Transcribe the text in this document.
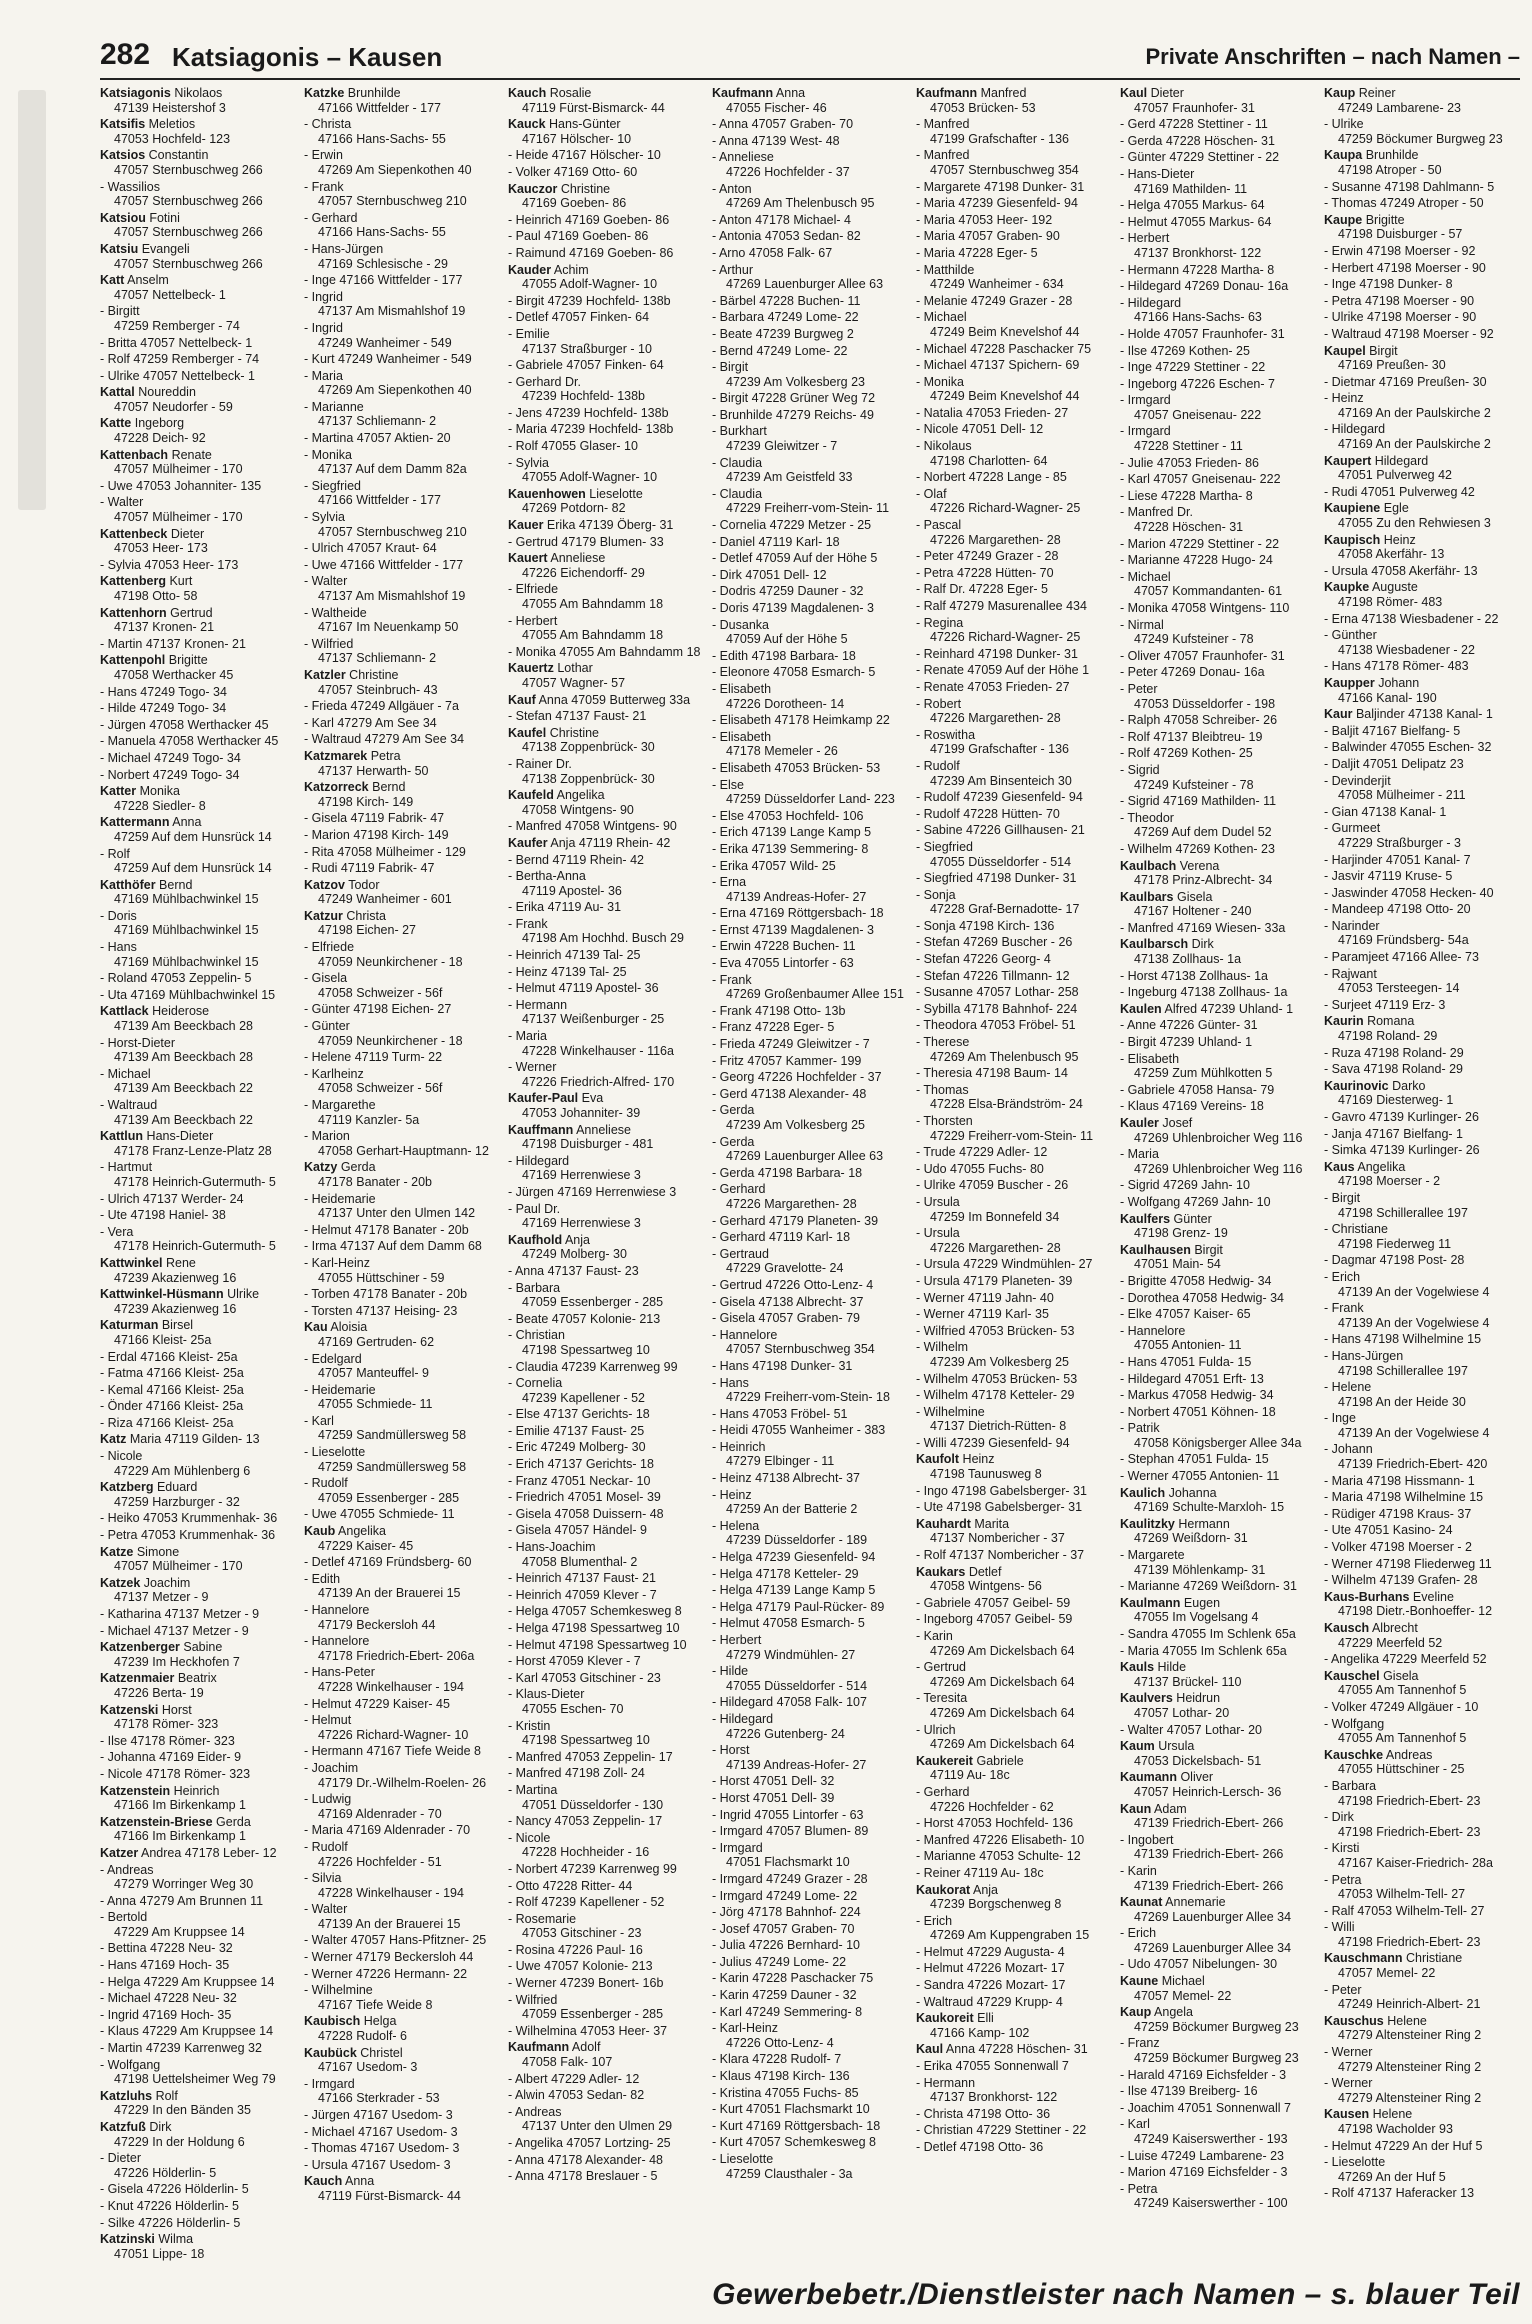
282 Katsiagonis – Kausen	Private Anschriften – nach Namen –
Katsiagonis Nikolaos
47139 Heistershof 3
Katsifis Meletios
47053 Hochfeld- 123
Katsios Constantin
47057 Sternbuschweg 266
- Wassilios
47057 Sternbuschweg 266
Katsiou Fotini
47057 Sternbuschweg 266
Katsiu Evangeli
47057 Sternbuschweg 266
Katt Anselm
47057 Nettelbeck- 1
- Birgitt
47259 Remberger - 74
- Britta 47057 Nettelbeck- 1
- Rolf 47259 Remberger - 74
- Ulrike 47057 Nettelbeck- 1
Kattal Noureddin
47057 Neudorfer - 59
Katte Ingeborg
47228 Deich- 92
Kattenbach Renate
47057 Mülheimer - 170
- Uwe 47053 Johanniter- 135
- Walter
47057 Mülheimer - 170
Kattenbeck Dieter
47053 Heer- 173
- Sylvia 47053 Heer- 173
Kattenberg Kurt
47198 Otto- 58
Kattenhorn Gertrud
47137 Kronen- 21
- Martin 47137 Kronen- 21
Kattenpohl Brigitte
47058 Werthacker 45
- Hans 47249 Togo- 34
- Hilde 47249 Togo- 34
- Jürgen 47058 Werthacker 45
- Manuela 47058 Werthacker 45
- Michael 47249 Togo- 34
- Norbert 47249 Togo- 34
Katter Monika
47228 Siedler- 8
Kattermann Anna
47259 Auf dem Hunsrück 14
- Rolf
47259 Auf dem Hunsrück 14
Katthöfer Bernd
47169 Mühlbachwinkel 15
- Doris
47169 Mühlbachwinkel 15
- Hans
47169 Mühlbachwinkel 15
- Roland 47053 Zeppelin- 5
- Uta 47169 Mühlbachwinkel 15
Kattlack Heiderose
47139 Am Beeckbach 28
- Horst-Dieter
47139 Am Beeckbach 28
- Michael
47139 Am Beeckbach 22
- Waltraud
47139 Am Beeckbach 22
Kattlun Hans-Dieter
47178 Franz-Lenze-Platz 28
- Hartmut
47178 Heinrich-Gutermuth- 5
- Ulrich 47137 Werder- 24
- Ute 47198 Haniel- 38
- Vera
47178 Heinrich-Gutermuth- 5
Kattwinkel Rene
47239 Akazienweg 16
Kattwinkel-Hüsmann Ulrike
47239 Akazienweg 16
Katurman Birsel
47166 Kleist- 25a
- Erdal 47166 Kleist- 25a
- Fatma 47166 Kleist- 25a
- Kemal 47166 Kleist- 25a
- Önder 47166 Kleist- 25a
- Riza 47166 Kleist- 25a
Katz Maria 47119 Gilden- 13
- Nicole
47229 Am Mühlenberg 6
Katzberg Eduard
47259 Harzburger - 32
- Heiko 47053 Krummenhak- 36
- Petra 47053 Krummenhak- 36
Katze Simone
47057 Mülheimer - 170
Katzek Joachim
47137 Metzer - 9
- Katharina 47137 Metzer - 9
- Michael 47137 Metzer - 9
Katzenberger Sabine
47239 Im Heckhofen 7
Katzenmaier Beatrix
47226 Berta- 19
Katzenski Horst
47178 Römer- 323
- Ilse 47178 Römer- 323
- Johanna 47169 Eider- 9
- Nicole 47178 Römer- 323
Katzenstein Heinrich
47166 Im Birkenkamp 1
Katzenstein-Briese Gerda
47166 Im Birkenkamp 1
Katzer Andrea 47178 Leber- 12
- Andreas
47279 Worringer Weg 30
- Anna 47279 Am Brunnen 11
- Bertold
47229 Am Kruppsee 14
- Bettina 47228 Neu- 32
- Hans 47169 Hoch- 35
- Helga 47229 Am Kruppsee 14
- Michael 47228 Neu- 32
- Ingrid 47169 Hoch- 35
- Klaus 47229 Am Kruppsee 14
- Martin 47239 Karrenweg 32
- Wolfgang
47198 Uettelsheimer Weg 79
Katzluhs Rolf
47229 In den Bänden 35
Katzfuß Dirk
47229 In der Holdung 6
- Dieter
47226 Hölderlin- 5
- Gisela 47226 Hölderlin- 5
- Knut 47226 Hölderlin- 5
- Silke 47226 Hölderlin- 5
Katzinski Wilma
47051 Lippe- 18
Katzke Brunhilde
47166 Wittfelder - 177
- Christa
47166 Hans-Sachs- 55
- Erwin
47269 Am Siepenkothen 40
- Frank
47057 Sternbuschweg 210
- Gerhard
47166 Hans-Sachs- 55
- Hans-Jürgen
47169 Schlesische - 29
- Inge 47166 Wittfelder - 177
- Ingrid
47137 Am Mismahlshof 19
- Ingrid
47249 Wanheimer - 549
- Kurt 47249 Wanheimer - 549
- Maria
47269 Am Siepenkothen 40
- Marianne
47137 Schliemann- 2
- Martina 47057 Aktien- 20
- Monika
47137 Auf dem Damm 82a
- Siegfried
47166 Wittfelder - 177
- Sylvia
47057 Sternbuschweg 210
- Ulrich 47057 Kraut- 64
- Uwe 47166 Wittfelder - 177
- Walter
47137 Am Mismahlshof 19
- Waltheide
47167 Im Neuenkamp 50
- Wilfried
47137 Schliemann- 2
Katzler Christine
47057 Steinbruch- 43
- Frieda 47249 Allgäuer - 7a
- Karl 47279 Am See 34
- Waltraud 47279 Am See 34
Katzmarek Petra
47137 Herwarth- 50
Katzorreck Bernd
47198 Kirch- 149
- Gisela 47119 Fabrik- 47
- Marion 47198 Kirch- 149
- Rita 47058 Mülheimer - 129
- Rudi 47119 Fabrik- 47
Katzov Todor
47249 Wanheimer - 601
Katzur Christa
47198 Eichen- 27
- Elfriede
47059 Neunkirchener - 18
- Gisela
47058 Schweizer - 56f
- Günter 47198 Eichen- 27
- Günter
47059 Neunkirchener - 18
- Helene 47119 Turm- 22
- Karlheinz
47058 Schweizer - 56f
- Margarethe
47119 Kanzler- 5a
- Marion
47058 Gerhart-Hauptmann- 12
Katzy Gerda
47178 Banater - 20b
- Heidemarie
47137 Unter den Ulmen 142
- Helmut 47178 Banater - 20b
- Irma 47137 Auf dem Damm 68
- Karl-Heinz
47055 Hüttschiner - 59
- Torben 47178 Banater - 20b
- Torsten 47137 Heising- 23
Kau Aloisia
47169 Gertruden- 62
- Edelgard
47057 Manteuffel- 9
- Heidemarie
47055 Schmiede- 11
- Karl
47259 Sandmüllersweg 58
- Lieselotte
47259 Sandmüllersweg 58
- Rudolf
47059 Essenberger - 285
- Uwe 47055 Schmiede- 11
Kaub Angelika
47229 Kaiser- 45
- Detlef 47169 Fründsberg- 60
- Edith
47139 An der Brauerei 15
- Hannelore
47179 Beckersloh 44
- Hannelore
47178 Friedrich-Ebert- 206a
- Hans-Peter
47228 Winkelhauser - 194
- Helmut 47229 Kaiser- 45
- Helmut
47226 Richard-Wagner- 10
- Hermann 47167 Tiefe Weide 8
- Joachim
47179 Dr.-Wilhelm-Roelen- 26
- Ludwig
47169 Aldenrader - 70
- Maria 47169 Aldenrader - 70
- Rudolf
47226 Hochfelder - 51
- Silvia
47228 Winkelhauser - 194
- Walter
47139 An der Brauerei 15
- Walter 47057 Hans-Pfitzner- 25
- Werner 47179 Beckersloh 44
- Werner 47226 Hermann- 22
- Wilhelmine
47167 Tiefe Weide 8
Kaubisch Helga
47228 Rudolf- 6
Kaubück Christel
47167 Usedom- 3
- Irmgard
47166 Sterkrader - 53
- Jürgen 47167 Usedom- 3
- Michael 47167 Usedom- 3
- Thomas 47167 Usedom- 3
- Ursula 47167 Usedom- 3
Kauch Anna
47119 Fürst-Bismarck- 44
Kauch Rosalie
47119 Fürst-Bismarck- 44
Kauck Hans-Günter
47167 Hölscher- 10
- Heide 47167 Hölscher- 10
- Volker 47169 Otto- 60
Kauczor Christine
47169 Goeben- 86
- Heinrich 47169 Goeben- 86
- Paul 47169 Goeben- 86
- Raimund 47169 Goeben- 86
Kauder Achim
47055 Adolf-Wagner- 10
- Birgit 47239 Hochfeld- 138b
- Detlef 47057 Finken- 64
- Emilie
47137 Straßburger - 10
- Gabriele 47057 Finken- 64
- Gerhard Dr.
47239 Hochfeld- 138b
- Jens 47239 Hochfeld- 138b
- Maria 47239 Hochfeld- 138b
- Rolf 47055 Glaser- 10
- Sylvia
47055 Adolf-Wagner- 10
Kauenhowen Lieselotte
47269 Potdorn- 82
Kauer Erika 47139 Öberg- 31
- Gertrud 47179 Blumen- 33
Kauert Anneliese
47226 Eichendorff- 29
- Elfriede
47055 Am Bahndamm 18
- Herbert
47055 Am Bahndamm 18
- Monika 47055 Am Bahndamm 18
Kauertz Lothar
47057 Wagner- 57
Kauf Anna 47059 Butterweg 33a
- Stefan 47137 Faust- 21
Kaufel Christine
47138 Zoppenbrück- 30
- Rainer Dr.
47138 Zoppenbrück- 30
Kaufeld Angelika
47058 Wintgens- 90
- Manfred 47058 Wintgens- 90
Kaufer Anja 47119 Rhein- 42
- Bernd 47119 Rhein- 42
- Bertha-Anna
47119 Apostel- 36
- Erika 47119 Au- 31
- Frank
47198 Am Hochhd. Busch 29
- Heinrich 47139 Tal- 25
- Heinz 47139 Tal- 25
- Helmut 47119 Apostel- 36
- Hermann
47137 Weißenburger - 25
- Maria
47228 Winkelhauser - 116a
- Werner
47226 Friedrich-Alfred- 170
Kaufer-Paul Eva
47053 Johanniter- 39
Kauffmann Anneliese
47198 Duisburger - 481
- Hildegard
47169 Herrenwiese 3
- Jürgen 47169 Herrenwiese 3
- Paul Dr.
47169 Herrenwiese 3
Kaufhold Anja
47249 Molberg- 30
- Anna 47137 Faust- 23
- Barbara
47059 Essenberger - 285
- Beate 47057 Kolonie- 213
- Christian
47198 Spessartweg 10
- Claudia 47239 Karrenweg 99
- Cornelia
47239 Kapellener - 52
- Else 47137 Gerichts- 18
- Emilie 47137 Faust- 25
- Eric 47249 Molberg- 30
- Erich 47137 Gerichts- 18
- Franz 47051 Neckar- 10
- Friedrich 47051 Mosel- 39
- Gisela 47058 Duissern- 48
- Gisela 47057 Händel- 9
- Hans-Joachim
47058 Blumenthal- 2
- Heinrich 47137 Faust- 21
- Heinrich 47059 Klever - 7
- Helga 47057 Schemkesweg 8
- Helga 47198 Spessartweg 10
- Helmut 47198 Spessartweg 10
- Horst 47059 Klever - 7
- Karl 47053 Gitschiner - 23
- Klaus-Dieter
47055 Eschen- 70
- Kristin
47198 Spessartweg 10
- Manfred 47053 Zeppelin- 17
- Manfred 47198 Zoll- 24
- Martina
47051 Düsseldorfer - 130
- Nancy 47053 Zeppelin- 17
- Nicole
47228 Hochheider - 16
- Norbert 47239 Karrenweg 99
- Otto 47228 Ritter- 44
- Rolf 47239 Kapellener - 52
- Rosemarie
47053 Gitschiner - 23
- Rosina 47226 Paul- 16
- Uwe 47057 Kolonie- 213
- Werner 47239 Bonert- 16b
- Wilfried
47059 Essenberger - 285
- Wilhelmina 47053 Heer- 37
Kaufmann Adolf
47058 Falk- 107
- Albert 47229 Adler- 12
- Alwin 47053 Sedan- 82
- Andreas
47137 Unter den Ulmen 29
- Angelika 47057 Lortzing- 25
- Anna 47178 Alexander- 48
- Anna 47178 Breslauer - 5
Kaufmann Anna
47055 Fischer- 46
- Anna 47057 Graben- 70
- Anna 47139 West- 48
- Anneliese
47226 Hochfelder - 37
- Anton
47269 Am Thelenbusch 95
- Anton 47178 Michael- 4
- Antonia 47053 Sedan- 82
- Arno 47058 Falk- 67
- Arthur
47269 Lauenburger Allee 63
- Bärbel 47228 Buchen- 11
- Barbara 47249 Lome- 22
- Beate 47239 Burgweg 2
- Bernd 47249 Lome- 22
- Birgit
47239 Am Volkesberg 23
- Birgit 47228 Grüner Weg 72
- Brunhilde 47279 Reichs- 49
- Burkhart
47239 Gleiwitzer - 7
- Claudia
47239 Am Geistfeld 33
- Claudia
47229 Freiherr-vom-Stein- 11
- Cornelia 47229 Metzer - 25
- Daniel 47119 Karl- 18
- Detlef 47059 Auf der Höhe 5
- Dirk 47051 Dell- 12
- Dodris 47259 Dauner - 32
- Doris 47139 Magdalenen- 3
- Dusanka
47059 Auf der Höhe 5
- Edith 47198 Barbara- 18
- Eleonore 47058 Esmarch- 5
- Elisabeth
47226 Dorotheen- 14
- Elisabeth 47178 Heimkamp 22
- Elisabeth
47178 Memeler - 26
- Elisabeth 47053 Brücken- 53
- Else
47259 Düsseldorfer Land- 223
- Else 47053 Hochfeld- 106
- Erich 47139 Lange Kamp 5
- Erika 47139 Semmering- 8
- Erika 47057 Wild- 25
- Erna
47139 Andreas-Hofer- 27
- Erna 47169 Röttgersbach- 18
- Ernst 47139 Magdalenen- 3
- Erwin 47228 Buchen- 11
- Eva 47055 Lintorfer - 63
- Frank
47269 Großenbaumer Allee 151
- Frank 47198 Otto- 13b
- Franz 47228 Eger- 5
- Frieda 47249 Gleiwitzer - 7
- Fritz 47057 Kammer- 199
- Georg 47226 Hochfelder - 37
- Gerd 47138 Alexander- 48
- Gerda
47239 Am Volkesberg 25
- Gerda
47269 Lauenburger Allee 63
- Gerda 47198 Barbara- 18
- Gerhard
47226 Margarethen- 28
- Gerhard 47179 Planeten- 39
- Gerhard 47119 Karl- 18
- Gertraud
47229 Gravelotte- 24
- Gertrud 47226 Otto-Lenz- 4
- Gisela 47138 Albrecht- 37
- Gisela 47057 Graben- 79
- Hannelore
47057 Sternbuschweg 354
- Hans 47198 Dunker- 31
- Hans
47229 Freiherr-vom-Stein- 18
- Hans 47053 Fröbel- 51
- Heidi 47055 Wanheimer - 383
- Heinrich
47279 Elbinger - 11
- Heinz 47138 Albrecht- 37
- Heinz
47259 An der Batterie 2
- Helena
47239 Düsseldorfer - 189
- Helga 47239 Giesenfeld- 94
- Helga 47178 Ketteler- 29
- Helga 47139 Lange Kamp 5
- Helga 47179 Paul-Rücker- 89
- Helmut 47058 Esmarch- 5
- Herbert
47279 Windmühlen- 27
- Hilde
47055 Düsseldorfer - 514
- Hildegard 47058 Falk- 107
- Hildegard
47226 Gutenberg- 24
- Horst
47139 Andreas-Hofer- 27
- Horst 47051 Dell- 32
- Horst 47051 Dell- 39
- Ingrid 47055 Lintorfer - 63
- Irmgard 47057 Blumen- 89
- Irmgard
47051 Flachsmarkt 10
- Irmgard 47249 Grazer - 28
- Irmgard 47249 Lome- 22
- Jörg 47178 Bahnhof- 224
- Josef 47057 Graben- 70
- Julia 47226 Bernhard- 10
- Julius 47249 Lome- 22
- Karin 47228 Paschacker 75
- Karin 47259 Dauner - 32
- Karl 47249 Semmering- 8
- Karl-Heinz
47226 Otto-Lenz- 4
- Klara 47228 Rudolf- 7
- Klaus 47198 Kirch- 136
- Kristina 47055 Fuchs- 85
- Kurt 47051 Flachsmarkt 10
- Kurt 47169 Röttgersbach- 18
- Kurt 47057 Schemkesweg 8
- Lieselotte
47259 Clausthaler - 3a
Kaufmann Manfred
47053 Brücken- 53
- Manfred
47199 Grafschafter - 136
- Manfred
47057 Sternbuschweg 354
- Margarete 47198 Dunker- 31
- Maria 47239 Giesenfeld- 94
- Maria 47053 Heer- 192
- Maria 47057 Graben- 90
- Maria 47228 Eger- 5
- Matthilde
47249 Wanheimer - 634
- Melanie 47249 Grazer - 28
- Michael
47249 Beim Knevelshof 44
- Michael 47228 Paschacker 75
- Michael 47137 Spichern- 69
- Monika
47249 Beim Knevelshof 44
- Natalia 47053 Frieden- 27
- Nicole 47051 Dell- 12
- Nikolaus
47198 Charlotten- 64
- Norbert 47228 Lange - 85
- Olaf
47226 Richard-Wagner- 25
- Pascal
47226 Margarethen- 28
- Peter 47249 Grazer - 28
- Petra 47228 Hütten- 70
- Ralf Dr. 47228 Eger- 5
- Ralf 47279 Masurenallee 434
- Regina
47226 Richard-Wagner- 25
- Reinhard 47198 Dunker- 31
- Renate 47059 Auf der Höhe 1
- Renate 47053 Frieden- 27
- Robert
47226 Margarethen- 28
- Roswitha
47199 Grafschafter - 136
- Rudolf
47239 Am Binsenteich 30
- Rudolf 47239 Giesenfeld- 94
- Rudolf 47228 Hütten- 70
- Sabine 47226 Gillhausen- 21
- Siegfried
47055 Düsseldorfer - 514
- Siegfried 47198 Dunker- 31
- Sonja
47228 Graf-Bernadotte- 17
- Sonja 47198 Kirch- 136
- Stefan 47269 Buscher - 26
- Stefan 47226 Georg- 4
- Stefan 47226 Tillmann- 12
- Susanne 47057 Lothar- 258
- Sybilla 47178 Bahnhof- 224
- Theodora 47053 Fröbel- 51
- Therese
47269 Am Thelenbusch 95
- Theresia 47198 Baum- 14
- Thomas
47228 Elsa-Brändström- 24
- Thorsten
47229 Freiherr-vom-Stein- 11
- Trude 47229 Adler- 12
- Udo 47055 Fuchs- 80
- Ulrike 47059 Buscher - 26
- Ursula
47259 Im Bonnefeld 34
- Ursula
47226 Margarethen- 28
- Ursula 47229 Windmühlen- 27
- Ursula 47179 Planeten- 39
- Werner 47119 Jahn- 40
- Werner 47119 Karl- 35
- Wilfried 47053 Brücken- 53
- Wilhelm
47239 Am Volkesberg 25
- Wilhelm 47053 Brücken- 53
- Wilhelm 47178 Ketteler- 29
- Wilhelmine
47137 Dietrich-Rütten- 8
- Willi 47239 Giesenfeld- 94
Kaufolt Heinz
47198 Taunusweg 8
- Ingo 47198 Gabelsberger- 31
- Ute 47198 Gabelsberger- 31
Kauhardt Marita
47137 Nombericher - 37
- Rolf 47137 Nombericher - 37
Kaukars Detlef
47058 Wintgens- 56
- Gabriele 47057 Geibel- 59
- Ingeborg 47057 Geibel- 59
- Karin
47269 Am Dickelsbach 64
- Gertrud
47269 Am Dickelsbach 64
- Teresita
47269 Am Dickelsbach 64
- Ulrich
47269 Am Dickelsbach 64
Kaukereit Gabriele
47119 Au- 18c
- Gerhard
47226 Hochfelder - 62
- Horst 47053 Hochfeld- 136
- Manfred 47226 Elisabeth- 10
- Marianne 47053 Schulte- 12
- Reiner 47119 Au- 18c
Kaukorat Anja
47239 Borgschenweg 8
- Erich
47269 Am Kuppengraben 15
- Helmut 47229 Augusta- 4
- Helmut 47226 Mozart- 17
- Sandra 47226 Mozart- 17
- Waltraud 47229 Krupp- 4
Kaukoreit Elli
47166 Kamp- 102
Kaul Anna 47228 Höschen- 31
- Erika 47055 Sonnenwall 7
- Hermann
47137 Bronkhorst- 122
- Christa 47198 Otto- 36
- Christian 47229 Stettiner - 22
- Detlef 47198 Otto- 36
Kaul Dieter
47057 Fraunhofer- 31
- Gerd 47228 Stettiner - 11
- Gerda 47228 Höschen- 31
- Günter 47229 Stettiner - 22
- Hans-Dieter
47169 Mathilden- 11
- Helga 47055 Markus- 64
- Helmut 47055 Markus- 64
- Herbert
47137 Bronkhorst- 122
- Hermann 47228 Martha- 8
- Hildegard 47269 Donau- 16a
- Hildegard
47166 Hans-Sachs- 63
- Holde 47057 Fraunhofer- 31
- Ilse 47269 Kothen- 25
- Inge 47229 Stettiner - 22
- Ingeborg 47226 Eschen- 7
- Irmgard
47057 Gneisenau- 222
- Irmgard
47228 Stettiner - 11
- Julie 47053 Frieden- 86
- Karl 47057 Gneisenau- 222
- Liese 47228 Martha- 8
- Manfred Dr.
47228 Höschen- 31
- Marion 47229 Stettiner - 22
- Marianne 47228 Hugo- 24
- Michael
47057 Kommandanten- 61
- Monika 47058 Wintgens- 110
- Nirmal
47249 Kufsteiner - 78
- Oliver 47057 Fraunhofer- 31
- Peter 47269 Donau- 16a
- Peter
47053 Düsseldorfer - 198
- Ralph 47058 Schreiber- 26
- Rolf 47137 Bleibtreu- 19
- Rolf 47269 Kothen- 25
- Sigrid
47249 Kufsteiner - 78
- Sigrid 47169 Mathilden- 11
- Theodor
47269 Auf dem Dudel 52
- Wilhelm 47269 Kothen- 23
Kaulbach Verena
47178 Prinz-Albrecht- 34
Kaulbars Gisela
47167 Holtener - 240
- Manfred 47169 Wiesen- 33a
Kaulbarsch Dirk
47138 Zollhaus- 1a
- Horst 47138 Zollhaus- 1a
- Ingeburg 47138 Zollhaus- 1a
Kaulen Alfred 47239 Uhland- 1
- Anne 47226 Günter- 31
- Birgit 47239 Uhland- 1
- Elisabeth
47259 Zum Mühlkotten 5
- Gabriele 47058 Hansa- 79
- Klaus 47169 Vereins- 18
Kauler Josef
47269 Uhlenbroicher Weg 116
- Maria
47269 Uhlenbroicher Weg 116
- Sigrid 47269 Jahn- 10
- Wolfgang 47269 Jahn- 10
Kaulfers Günter
47198 Grenz- 19
Kaulhausen Birgit
47051 Main- 54
- Brigitte 47058 Hedwig- 34
- Dorothea 47058 Hedwig- 34
- Elke 47057 Kaiser- 65
- Hannelore
47055 Antonien- 11
- Hans 47051 Fulda- 15
- Hildegard 47051 Erft- 13
- Markus 47058 Hedwig- 34
- Norbert 47051 Köhnen- 18
- Patrik
47058 Königsberger Allee 34a
- Stephan 47051 Fulda- 15
- Werner 47055 Antonien- 11
Kaulich Johanna
47169 Schulte-Marxloh- 15
Kaulitzky Hermann
47269 Weißdorn- 31
- Margarete
47139 Möhlenkamp- 31
- Marianne 47269 Weißdorn- 31
Kaulmann Eugen
47055 Im Vogelsang 4
- Sandra 47055 Im Schlenk 65a
- Maria 47055 Im Schlenk 65a
Kauls Hilde
47137 Brückel- 110
Kaulvers Heidrun
47057 Lothar- 20
- Walter 47057 Lothar- 20
Kaum Ursula
47053 Dickelsbach- 51
Kaumann Oliver
47057 Heinrich-Lersch- 36
Kaun Adam
47139 Friedrich-Ebert- 266
- Ingobert
47139 Friedrich-Ebert- 266
- Karin
47139 Friedrich-Ebert- 266
Kaunat Annemarie
47269 Lauenburger Allee 34
- Erich
47269 Lauenburger Allee 34
- Udo 47057 Nibelungen- 30
Kaune Michael
47057 Memel- 22
Kaup Angela
47259 Böckumer Burgweg 23
- Franz
47259 Böckumer Burgweg 23
- Harald 47169 Eichsfelder - 3
- Ilse 47139 Breiberg- 16
- Joachim 47051 Sonnenwall 7
- Karl
47249 Kaiserswerther - 193
- Luise 47249 Lambarene- 23
- Marion 47169 Eichsfelder - 3
- Petra
47249 Kaiserswerther - 100
Kaup Reiner
47249 Lambarene- 23
- Ulrike
47259 Böckumer Burgweg 23
Kaupa Brunhilde
47198 Atroper - 50
- Susanne 47198 Dahlmann- 5
- Thomas 47249 Atroper - 50
Kaupe Brigitte
47198 Duisburger - 57
- Erwin 47198 Moerser - 92
- Herbert 47198 Moerser - 90
- Inge 47198 Dunker- 8
- Petra 47198 Moerser - 90
- Ulrike 47198 Moerser - 90
- Waltraud 47198 Moerser - 92
Kaupel Birgit
47169 Preußen- 30
- Dietmar 47169 Preußen- 30
- Heinz
47169 An der Paulskirche 2
- Hildegard
47169 An der Paulskirche 2
Kaupert Hildegard
47051 Pulverweg 42
- Rudi 47051 Pulverweg 42
Kaupiene Egle
47055 Zu den Rehwiesen 3
Kaupisch Heinz
47058 Akerfähr- 13
- Ursula 47058 Akerfähr- 13
Kaupke Auguste
47198 Römer- 483
- Erna 47138 Wiesbadener - 22
- Günther
47138 Wiesbadener - 22
- Hans 47178 Römer- 483
Kaupper Johann
47166 Kanal- 190
Kaur Baljinder 47138 Kanal- 1
- Baljit 47167 Bielfang- 5
- Balwinder 47055 Eschen- 32
- Daljit 47051 Delipatz 23
- Devinderjit
47058 Mülheimer - 211
- Gian 47138 Kanal- 1
- Gurmeet
47229 Straßburger - 3
- Harjinder 47051 Kanal- 7
- Jasvir 47119 Kruse- 5
- Jaswinder 47058 Hecken- 40
- Mandeep 47198 Otto- 20
- Narinder
47169 Fründsberg- 54a
- Paramjeet 47166 Allee- 73
- Rajwant
47053 Tersteegen- 14
- Surjeet 47119 Erz- 3
Kaurin Romana
47198 Roland- 29
- Ruza 47198 Roland- 29
- Sava 47198 Roland- 29
Kaurinovic Darko
47169 Diesterweg- 1
- Gavro 47139 Kurlinger- 26
- Janja 47167 Bielfang- 1
- Simka 47139 Kurlinger- 26
Kaus Angelika
47198 Moerser - 2
- Birgit
47198 Schillerallee 197
- Christiane
47198 Fiederweg 11
- Dagmar 47198 Post- 28
- Erich
47139 An der Vogelwiese 4
- Frank
47139 An der Vogelwiese 4
- Hans 47198 Wilhelmine 15
- Hans-Jürgen
47198 Schillerallee 197
- Helene
47198 An der Heide 30
- Inge
47139 An der Vogelwiese 4
- Johann
47139 Friedrich-Ebert- 420
- Maria 47198 Hissmann- 1
- Maria 47198 Wilhelmine 15
- Rüdiger 47198 Kraus- 37
- Ute 47051 Kasino- 24
- Volker 47198 Moerser - 2
- Werner 47198 Fliederweg 11
- Wilhelm 47139 Grafen- 28
Kaus-Burhans Eveline
47198 Dietr.-Bonhoeffer- 12
Kausch Albrecht
47229 Meerfeld 52
- Angelika 47229 Meerfeld 52
Kauschel Gisela
47055 Am Tannenhof 5
- Volker 47249 Allgäuer - 10
- Wolfgang
47055 Am Tannenhof 5
Kauschke Andreas
47055 Hüttschiner - 25
- Barbara
47198 Friedrich-Ebert- 23
- Dirk
47198 Friedrich-Ebert- 23
- Kirsti
47167 Kaiser-Friedrich- 28a
- Petra
47053 Wilhelm-Tell- 27
- Ralf 47053 Wilhelm-Tell- 27
- Willi
47198 Friedrich-Ebert- 23
Kauschmann Christiane
47057 Memel- 22
- Peter
47249 Heinrich-Albert- 21
Kauschus Helene
47279 Altensteiner Ring 2
- Werner
47279 Altensteiner Ring 2
- Werner
47279 Altensteiner Ring 2
Kausen Helene
47198 Wacholder 93
- Helmut 47229 An der Huf 5
- Lieselotte
47269 An der Huf 5
- Rolf 47137 Haferacker 13
Gewerbebetr./Dienstleister nach Namen – s. blauer Teil
